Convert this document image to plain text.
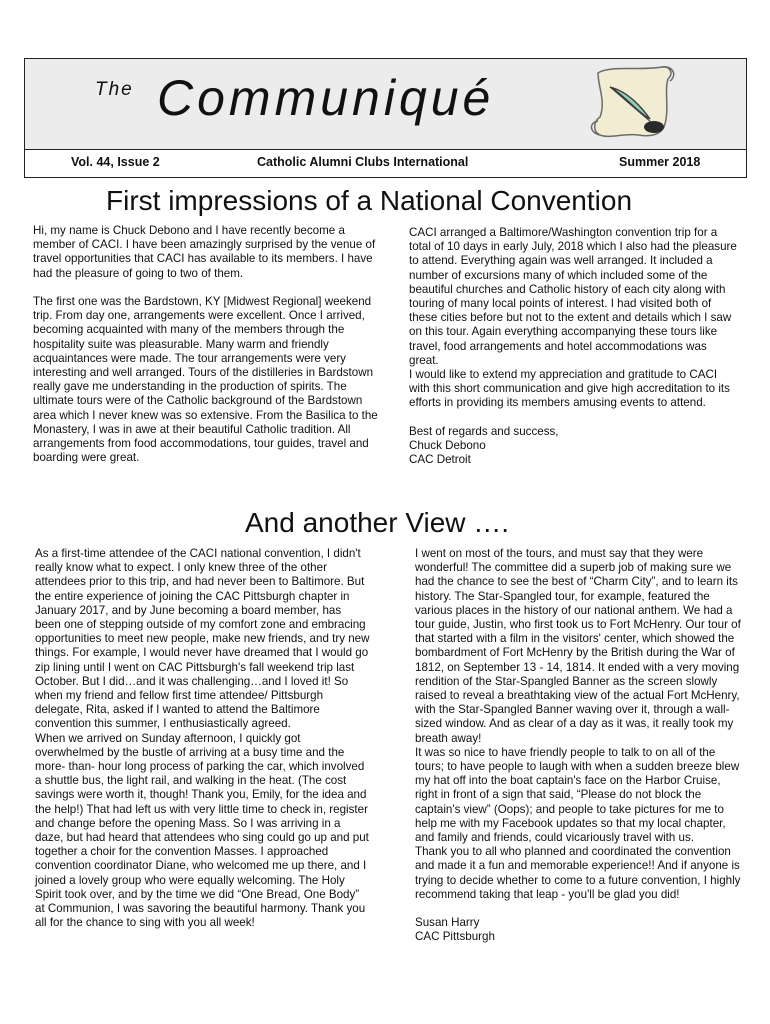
The Communiqué
Vol. 44, Issue 2	Catholic Alumni Clubs International	Summer 2018
First impressions of a National Convention

Hi, my name is Chuck Debono and I have recently become a member of CACI. I have been amazingly surprised by the venue of travel opportunities that CACI has available to its members. I have had the pleasure of going to two of them.

The first one was the Bardstown, KY [Midwest Regional] weekend trip. From day one, arrangements were excellent. Once I arrived, becoming acquainted with many of the members through the hospitality suite was pleasurable. Many warm and friendly acquaintances were made. The tour arrangements were very interesting and well arranged. Tours of the distilleries in Bardstown really gave me understanding in the production of spirits. The ultimate tours were of the Catholic background of the Bardstown area which I never knew was so extensive. From the Basilica to the Monastery, I was in awe at their beautiful Catholic tradition. All arrangements from food accommodations, tour guides, travel and boarding were great.

CACI arranged a Baltimore/Washington convention trip for a total of 10 days in early July, 2018 which I also had the pleasure to attend. Everything again was well arranged. It included a number of excursions many of which included some of the beautiful churches and Catholic history of each city along with touring of many local points of interest. I had visited both of these cities before but not to the extent and details which I saw on this tour. Again everything accompanying these tours like travel, food arrangements and hotel accommodations was great.
I would like to extend my appreciation and gratitude to CACI with this short communication and give high accreditation to its efforts in providing its members amusing events to attend.

Best of regards and success,
Chuck Debono
CAC Detroit

And another View ….

As a first-time attendee of the CACI national convention, I didn't really know what to expect. I only knew three of the other attendees prior to this trip, and had never been to Baltimore. But the entire experience of joining the CAC Pittsburgh chapter in January 2017, and by June becoming a board member, has been one of stepping outside of my comfort zone and embracing opportunities to meet new people, make new friends, and try new things. For example, I would never have dreamed that I would go zip lining until I went on CAC Pittsburgh's fall weekend trip last October. But I did…and it was challenging…and I loved it! So when my friend and fellow first time attendee/ Pittsburgh delegate, Rita, asked if I wanted to attend the Baltimore convention this summer, I enthusiastically agreed.
When we arrived on Sunday afternoon, I quickly got overwhelmed by the bustle of arriving at a busy time and the more- than- hour long process of parking the car, which involved a shuttle bus, the light rail, and walking in the heat. (The cost savings were worth it, though! Thank you, Emily, for the idea and the help!) That had left us with very little time to check in, register and change before the opening Mass. So I was arriving in a daze, but had heard that attendees who sing could go up and put together a choir for the convention Masses. I approached convention coordinator Diane, who welcomed me up there, and I joined a lovely group who were equally welcoming. The Holy Spirit took over, and by the time we did “One Bread, One Body” at Communion, I was savoring the beautiful harmony. Thank you all for the chance to sing with you all week!

I went on most of the tours, and must say that they were wonderful! The committee did a superb job of making sure we had the chance to see the best of “Charm City”, and to learn its history. The Star-Spangled tour, for example, featured the various places in the history of our national anthem. We had a tour guide, Justin, who first took us to Fort McHenry. Our tour of that started with a film in the visitors' center, which showed the bombardment of Fort McHenry by the British during the War of 1812, on September 13 - 14, 1814. It ended with a very moving rendition of the Star-Spangled Banner as the screen slowly raised to reveal a breathtaking view of the actual Fort McHenry, with the Star-Spangled Banner waving over it, through a wall-sized window. And as clear of a day as it was, it really took my breath away!
It was so nice to have friendly people to talk to on all of the tours; to have people to laugh with when a sudden breeze blew my hat off into the boat captain's face on the Harbor Cruise, right in front of a sign that said, “Please do not block the captain's view” (Oops); and people to take pictures for me to help me with my Facebook updates so that my local chapter, and family and friends, could vicariously travel with us.
Thank you to all who planned and coordinated the convention and made it a fun and memorable experience!! And if anyone is trying to decide whether to come to a future convention, I highly recommend taking that leap - you'll be glad you did!

Susan Harry
CAC Pittsburgh
